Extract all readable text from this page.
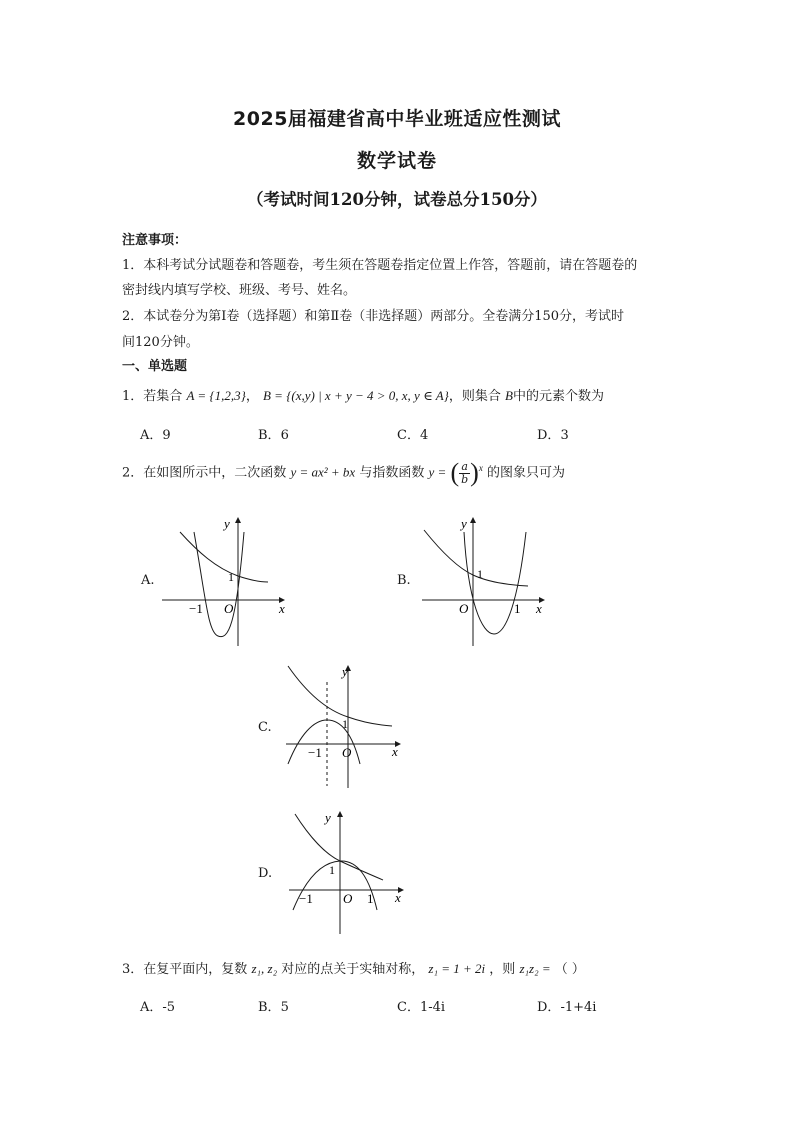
2025届福建省高中毕业班适应性测试
数学试卷
（考试时间120分钟，试卷总分150分）
注意事项：
1．本科考试分试题卷和答题卷，考生须在答题卷指定位置上作答，答题前，请在答题卷的
密封线内填写学校、班级、考号、姓名。
2．本试卷分为第Ⅰ卷（选择题）和第Ⅱ卷（非选择题）两部分。全卷满分150分，考试时
间120分钟。
一、单选题
1．若集合 A = {1,2,3}， B = {(x,y) | x + y − 4 > 0, x, y ∈ A}，则集合 B中的元素个数为
A．9	B．6	C．4	D．3
2．在如图所示中，二次函数 y = ax² + bx 与指数函数 y = ( $\frac{a}{b} )^x$ 的图象只可为
A.	B.
C.
D.
y
x
O
−1
1
y
x
O	1
1
y
x
O
−1
1
y
x
O
−1	1
1
3．在复平面内，复数 z₁, z₂ 对应的点关于实轴对称， z₁ = 1 + 2i ，则 z₁z₂ = （ ）
A．-5	B．5	C．1-4i	D．-1+4i
